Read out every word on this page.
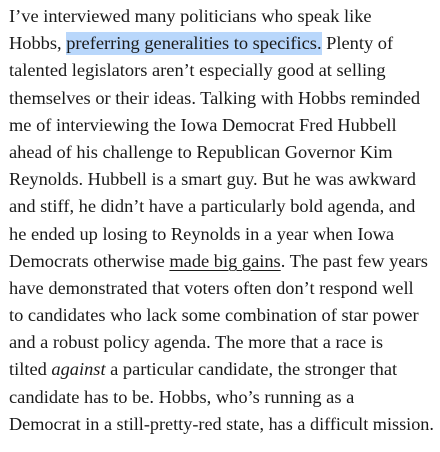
I’ve interviewed many politicians who speak like
Hobbs, preferring generalities to specifics. Plenty of
talented legislators aren’t especially good at selling
themselves or their ideas. Talking with Hobbs reminded
me of interviewing the Iowa Democrat Fred Hubbell
ahead of his challenge to Republican Governor Kim
Reynolds. Hubbell is a smart guy. But he was awkward
and stiff, he didn’t have a particularly bold agenda, and
he ended up losing to Reynolds in a year when Iowa
Democrats otherwise made big gains. The past few years
have demonstrated that voters often don’t respond well
to candidates who lack some combination of star power
and a robust policy agenda. The more that a race is
tilted against a particular candidate, the stronger that
candidate has to be. Hobbs, who’s running as a
Democrat in a still-pretty-red state, has a difficult mission.
